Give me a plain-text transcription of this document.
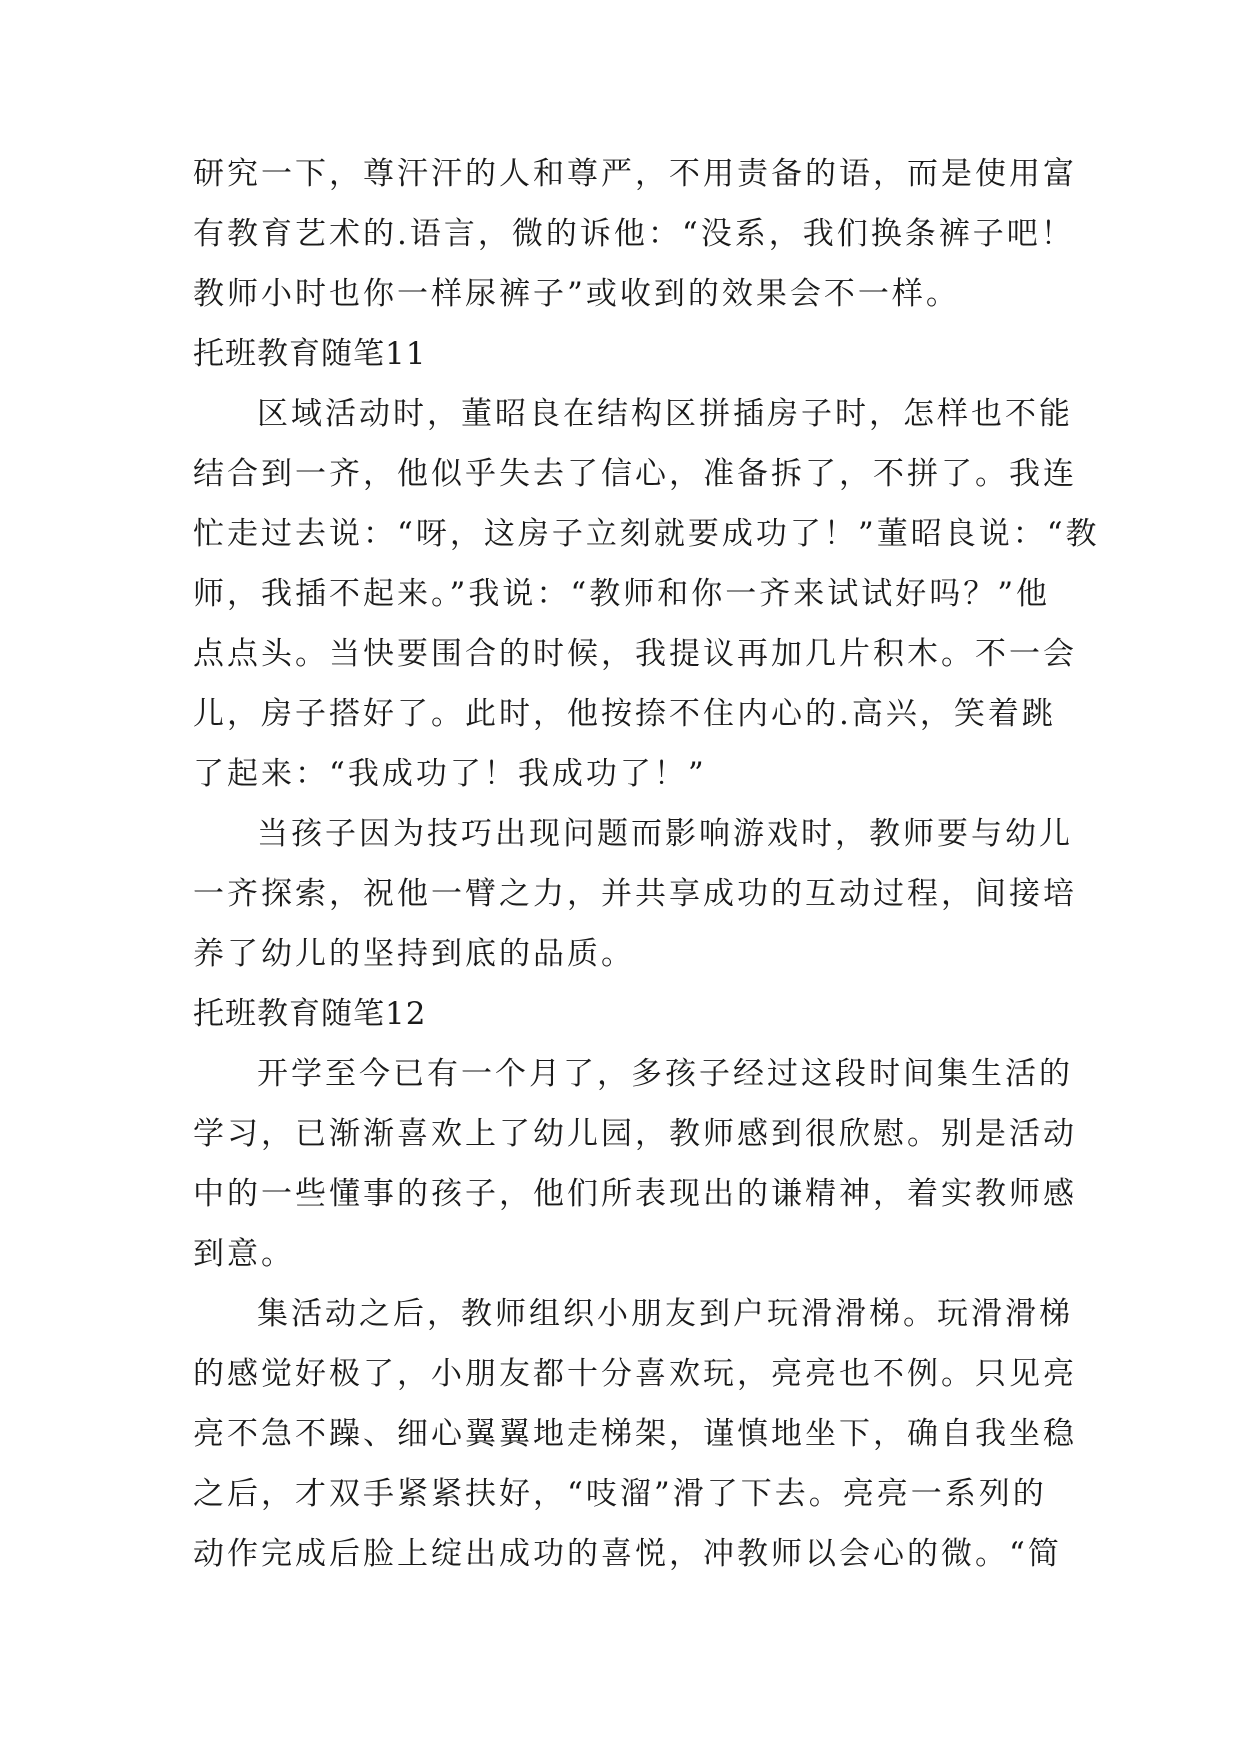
研究一下，尊汗汗的人和尊严，不用责备的语，而是使用富
有教育艺术的.语言，微的诉他：“没系，我们换条裤子吧！
教师小时也你一样尿裤子”或收到的效果会不一样。
托班教育随笔11
区域活动时，董昭良在结构区拼插房子时，怎样也不能
结合到一齐，他似乎失去了信心，准备拆了，不拼了。我连
忙走过去说：“呀，这房子立刻就要成功了！”董昭良说：“教
师，我插不起来。”我说：“教师和你一齐来试试好吗？”他
点点头。当快要围合的时候，我提议再加几片积木。不一会
儿，房子搭好了。此时，他按捺不住内心的.高兴，笑着跳
了起来：“我成功了！我成功了！”
当孩子因为技巧出现问题而影响游戏时，教师要与幼儿
一齐探索，祝他一臂之力，并共享成功的互动过程，间接培
养了幼儿的坚持到底的品质。
托班教育随笔12
开学至今已有一个月了，多孩子经过这段时间集生活的
学习，已渐渐喜欢上了幼儿园，教师感到很欣慰。别是活动
中的一些懂事的孩子，他们所表现出的谦精神，着实教师感
到意。
集活动之后，教师组织小朋友到户玩滑滑梯。玩滑滑梯
的感觉好极了，小朋友都十分喜欢玩，亮亮也不例。只见亮
亮不急不躁、细心翼翼地走梯架，谨慎地坐下，确自我坐稳
之后，才双手紧紧扶好，“吱溜”滑了下去。亮亮一系列的
动作完成后脸上绽出成功的喜悦，冲教师以会心的微。“简
